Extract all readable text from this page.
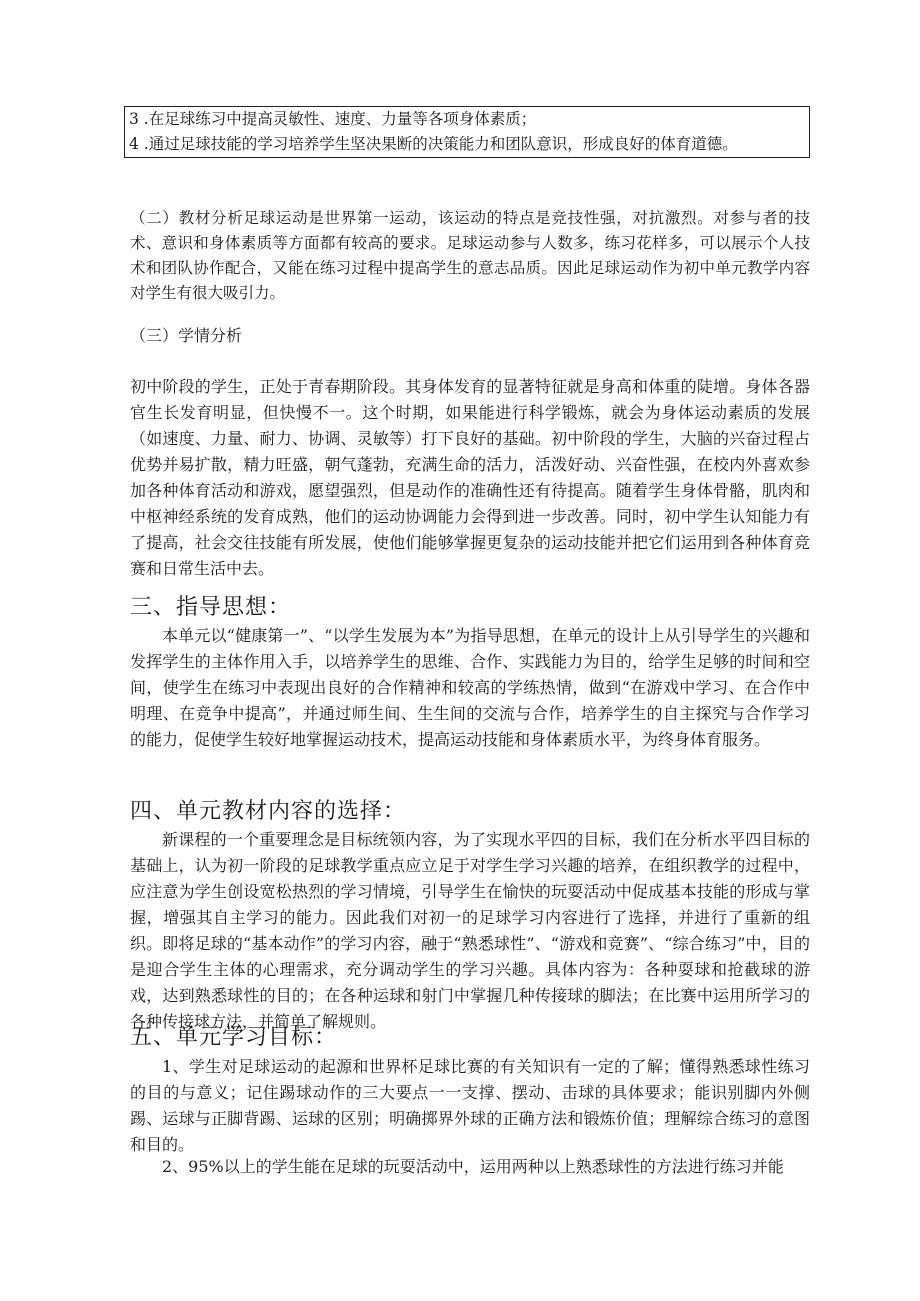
3 .在足球练习中提高灵敏性、速度、力量等各项身体素质；
4 .通过足球技能的学习培养学生坚决果断的决策能力和团队意识，形成良好的体育道德。

（二）教材分析足球运动是世界第一运动，该运动的特点是竞技性强，对抗激烈。对参与者的技术、意识和身体素质等方面都有较高的要求。足球运动参与人数多，练习花样多，可以展示个人技术和团队协作配合，又能在练习过程中提高学生的意志品质。因此足球运动作为初中单元教学内容对学生有很大吸引力。

（三）学情分析

初中阶段的学生，正处于青春期阶段。其身体发育的显著特征就是身高和体重的陡增。身体各器官生长发育明显，但快慢不一。这个时期，如果能进行科学锻炼，就会为身体运动素质的发展（如速度、力量、耐力、协调、灵敏等）打下良好的基础。初中阶段的学生，大脑的兴奋过程占优势并易扩散，精力旺盛，朝气蓬勃，充满生命的活力，活泼好动、兴奋性强，在校内外喜欢参加各种体育活动和游戏，愿望强烈，但是动作的准确性还有待提高。随着学生身体骨骼，肌肉和中枢神经系统的发育成熟，他们的运动协调能力会得到进一步改善。同时，初中学生认知能力有了提高，社会交往技能有所发展，使他们能够掌握更复杂的运动技能并把它们运用到各种体育竞赛和日常生活中去。

三、指导思想：

本单元以“健康第一”、“以学生发展为本”为指导思想，在单元的设计上从引导学生的兴趣和发挥学生的主体作用入手，以培养学生的思维、合作、实践能力为目的，给学生足够的时间和空间，使学生在练习中表现出良好的合作精神和较高的学练热情，做到“在游戏中学习、在合作中明理、在竞争中提高”，并通过师生间、生生间的交流与合作，培养学生的自主探究与合作学习的能力，促使学生较好地掌握运动技术，提高运动技能和身体素质水平，为终身体育服务。

四、单元教材内容的选择：

新课程的一个重要理念是目标统领内容，为了实现水平四的目标，我们在分析水平四目标的基础上，认为初一阶段的足球教学重点应立足于对学生学习兴趣的培养，在组织教学的过程中，应注意为学生创设宽松热烈的学习情境，引导学生在愉快的玩耍活动中促成基本技能的形成与掌握，增强其自主学习的能力。因此我们对初一的足球学习内容进行了选择，并进行了重新的组织。即将足球的“基本动作”的学习内容，融于“熟悉球性”、“游戏和竞赛”、“综合练习”中，目的是迎合学生主体的心理需求，充分调动学生的学习兴趣。具体内容为：各种耍球和抢截球的游戏，达到熟悉球性的目的；在各种运球和射门中掌握几种传接球的脚法；在比赛中运用所学习的各种传接球方法，并简单了解规则。

五、单元学习目标：

1、学生对足球运动的起源和世界杯足球比赛的有关知识有一定的了解；懂得熟悉球性练习的目的与意义；记住踢球动作的三大要点一一支撑、摆动、击球的具体要求；能识别脚内外侧踢、运球与正脚背踢、运球的区别；明确掷界外球的正确方法和锻炼价值；理解综合练习的意图和目的。

2、95%以上的学生能在足球的玩耍活动中，运用两种以上熟悉球性的方法进行练习并能
